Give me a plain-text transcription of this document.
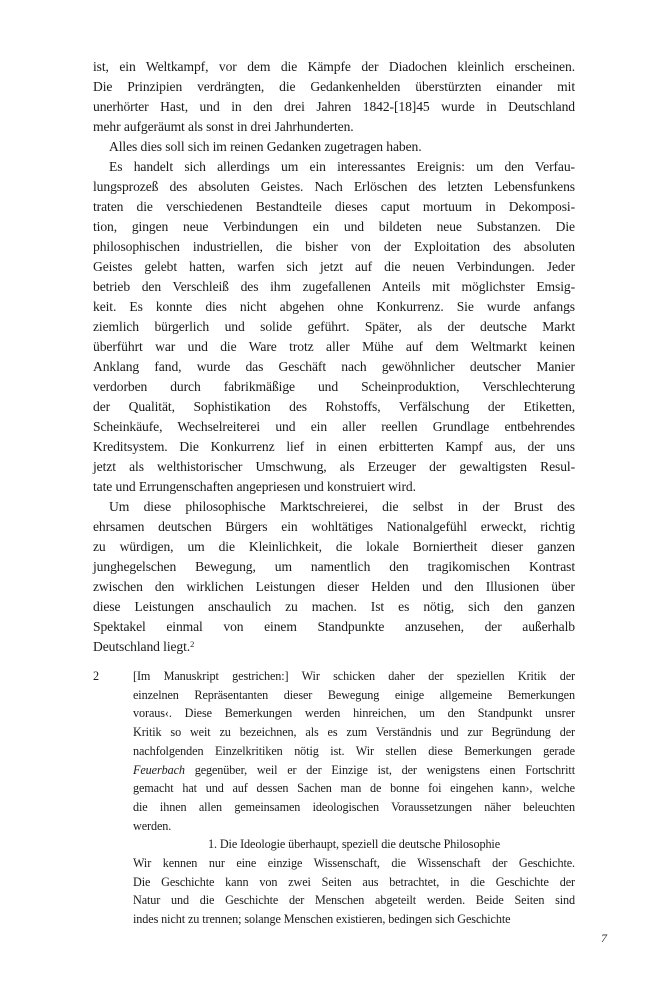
ist, ein Weltkampf, vor dem die Kämpfe der Diadochen kleinlich erscheinen.
Die Prinzipien verdrängten, die Gedankenhelden überstürzten einander mit
unerhörter Hast, und in den drei Jahren 1842-[18]45 wurde in Deutschland
mehr aufgeräumt als sonst in drei Jahrhunderten.
Alles dies soll sich im reinen Gedanken zugetragen haben.
Es handelt sich allerdings um ein interessantes Ereignis: um den Verfau-
lungsprozeß des absoluten Geistes. Nach Erlöschen des letzten Lebensfunkens
traten die verschiedenen Bestandteile dieses caput mortuum in Dekomposi-
tion, gingen neue Verbindungen ein und bildeten neue Substanzen. Die
philosophischen industriellen, die bisher von der Exploitation des absoluten
Geistes gelebt hatten, warfen sich jetzt auf die neuen Verbindungen. Jeder
betrieb den Verschleiß des ihm zugefallenen Anteils mit möglichster Emsig-
keit. Es konnte dies nicht abgehen ohne Konkurrenz. Sie wurde anfangs
ziemlich bürgerlich und solide geführt. Später, als der deutsche Markt
überführt war und die Ware trotz aller Mühe auf dem Weltmarkt keinen
Anklang fand, wurde das Geschäft nach gewöhnlicher deutscher Manier
verdorben durch fabrikmäßige und Scheinproduktion, Verschlechterung
der Qualität, Sophistikation des Rohstoffs, Verfälschung der Etiketten,
Scheinkäufe, Wechselreiterei und ein aller reellen Grundlage entbehrendes
Kreditsystem. Die Konkurrenz lief in einen erbitterten Kampf aus, der uns
jetzt als welthistorischer Umschwung, als Erzeuger der gewaltigsten Resul-
tate und Errungenschaften angepriesen und konstruiert wird.
Um diese philosophische Marktschreierei, die selbst in der Brust des
ehrsamen deutschen Bürgers ein wohltätiges Nationalgefühl erweckt, richtig
zu würdigen, um die Kleinlichkeit, die lokale Borniertheit dieser ganzen
junghegelschen Bewegung, um namentlich den tragikomischen Kontrast
zwischen den wirklichen Leistungen dieser Helden und den Illusionen über
diese Leistungen anschaulich zu machen. Ist es nötig, sich den ganzen
Spektakel einmal von einem Standpunkte anzusehen, der außerhalb
Deutschland liegt.$^2$
2	[Im Manuskript gestrichen:] Wir schicken daher der speziellen Kritik der
einzelnen Repräsentanten dieser Bewegung einige allgemeine Bemerkungen
voraus‹. Diese Bemerkungen werden hinreichen, um den Standpunkt unsrer
Kritik so weit zu bezeichnen, als es zum Verständnis und zur Begründung der
nachfolgenden Einzelkritiken nötig ist. Wir stellen diese Bemerkungen gerade
Feuerbach gegenüber, weil er der Einzige ist, der wenigstens einen Fortschritt
gemacht hat und auf dessen Sachen man de bonne foi eingehen kann›, welche
die ihnen allen gemeinsamen ideologischen Voraussetzungen näher beleuchten
werden.
1. Die Ideologie überhaupt, speziell die deutsche Philosophie
Wir kennen nur eine einzige Wissenschaft, die Wissenschaft der Geschichte.
Die Geschichte kann von zwei Seiten aus betrachtet, in die Geschichte der
Natur und die Geschichte der Menschen abgeteilt werden. Beide Seiten sind
indes nicht zu trennen; solange Menschen existieren, bedingen sich Geschichte
7
